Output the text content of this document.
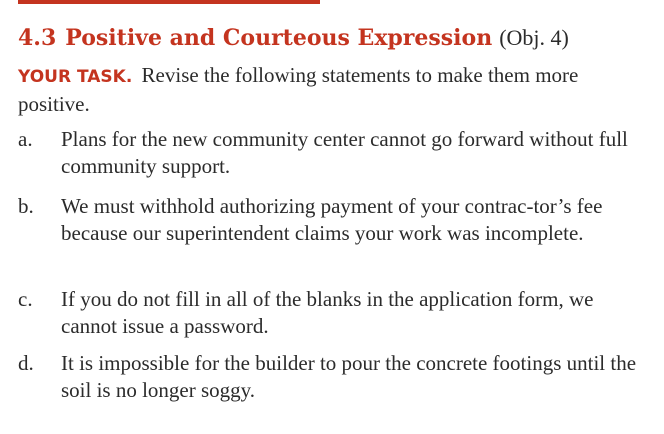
4.3 Positive and Courteous Expression (Obj. 4)
YOUR TASK. Revise the following statements to make them more positive.
a. Plans for the new community center cannot go forward without full community support.
b. We must withhold authorizing payment of your contrac-tor’s fee because our superintendent claims your work was incomplete.
c. If you do not fill in all of the blanks in the application form, we cannot issue a password.
d. It is impossible for the builder to pour the concrete footings until the soil is no longer soggy.
